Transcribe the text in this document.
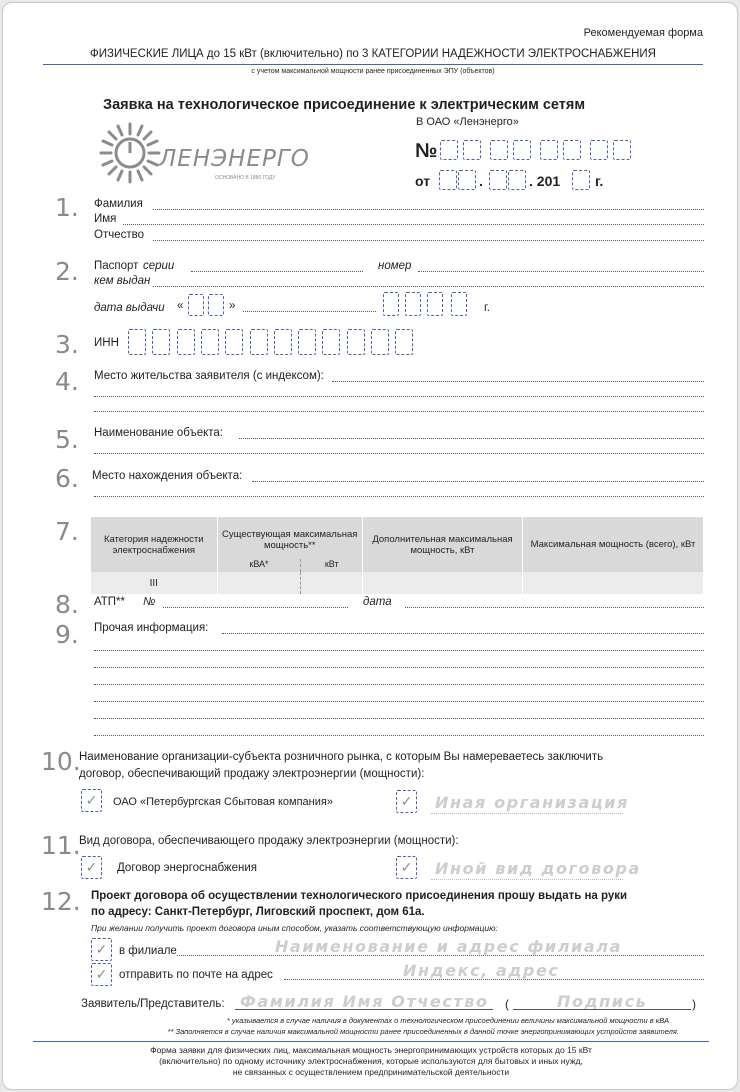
Рекомендуемая форма
ФИЗИЧЕСКИЕ ЛИЦА до 15 кВт (включительно) по 3 КАТЕГОРИИ НАДЕЖНОСТИ ЭЛЕКТРОСНАБЖЕНИЯ
с учетом максимальной мощности ранее присоединенных ЭПУ (объектов)
Заявка на технологическое присоединение к электрическим сетям
В ОАО «Ленэнерго»
ЛЕНЭНЕРГО
ОСНОВАНО В 1886 ГОДУ
№
от	.	. 201 г.
1. Фамилия
Имя
Отчество
2. Паспорт серии	номер
кем выдан
дата выдачи «	»	г.
3. ИНН
4. Место жительства заявителя (с индексом):
5. Наименование объекта:
6. Место нахождения объекта:
7.	Категория надежности электроснабжения	Существующая максимальная мощность**		Дополнительная максимальная мощность, кВт	Максимальная мощность (всего), кВт
	кВА*	кВт		
III				
8. АТП** №	дата
9. Прочая информация:
10.
Наименование организации-субъекта розничного рынка, с которым Вы намереваетесь заключить
договор, обеспечивающий продажу электроэнергии (мощности):
✓	ОАО «Петербургская Сбытовая компания»	✓ Иная организация
11.
Вид договора, обеспечивающего продажу электроэнергии (мощности):
✓	Договор энергоснабжения	✓ Иной вид договора
12. Проект договора об осуществлении технологического присоединения прошу выдать на руки
по адресу: Санкт-Петербург, Лиговский проспект, дом 61а.
При желании получить проект договора иным способом, указать соответствующую информацию:
✓	в филиале	Наименование и адрес филиала
✓	отправить по почте на адрес	Индекс, адрес
Заявитель/Представитель: Фамилия Имя Отчество (	Подпись	)
* указывается в случае наличия в документах о технологическом присоединении величины максимальной мощности в кВА
** Заполняется в случае наличия максимальной мощности ранее присоединенных в данной точке энергопринимающих устройств заявителя.
Форма заявки для физических лиц, максимальная мощность энергопринимающих устройств которых до 15 кВт
(включительно) по одному источнику электроснабжения, которые используются для бытовых и иных нужд,
не связанных с осуществлением предпринимательской деятельности
